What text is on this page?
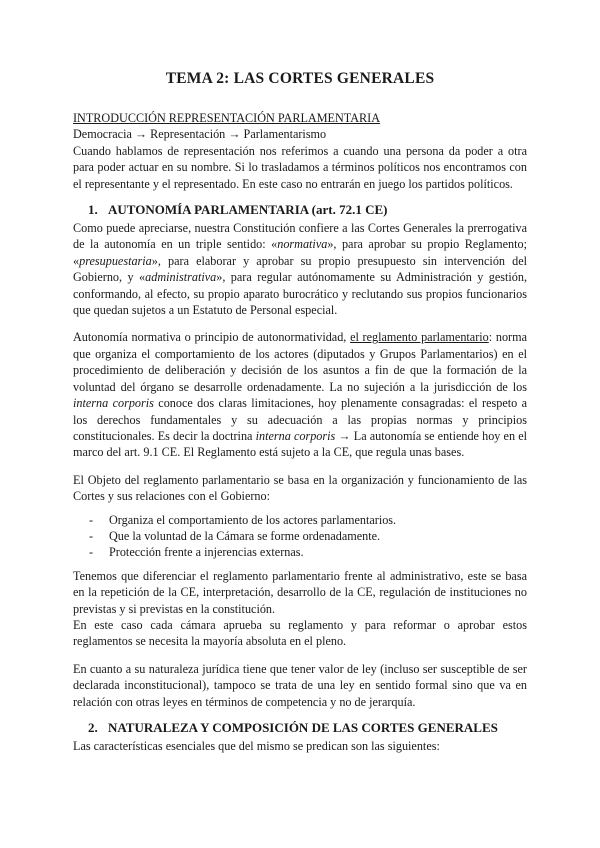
TEMA 2: LAS CORTES GENERALES
INTRODUCCIÓN REPRESENTACIÓN PARLAMENTARIA
Democracia → Representación → Parlamentarismo

Cuando hablamos de representación nos referimos a cuando una persona da poder a otra para poder actuar en su nombre. Si lo trasladamos a términos políticos nos encontramos con el representante y el representado. En este caso no entrarán en juego los partidos políticos.

1. AUTONOMÍA PARLAMENTARIA (art. 72.1 CE)

Como puede apreciarse, nuestra Constitución confiere a las Cortes Generales la prerrogativa de la autonomía en un triple sentido: «normativa», para aprobar su propio Reglamento; «presupuestaria», para elaborar y aprobar su propio presupuesto sin intervención del Gobierno, y «administrativa», para regular autónomamente su Administración y gestión, conformando, al efecto, su propio aparato burocrático y reclutando sus propios funcionarios que quedan sujetos a un Estatuto de Personal especial.

Autonomía normativa o principio de autonormatividad, el reglamento parlamentario: norma que organiza el comportamiento de los actores (diputados y Grupos Parlamentarios) en el procedimiento de deliberación y decisión de los asuntos a fin de que la formación de la voluntad del órgano se desarrolle ordenadamente. La no sujeción a la jurisdicción de los interna corporis conoce dos claras limitaciones, hoy plenamente consagradas: el respeto a los derechos fundamentales y su adecuación a las propias normas y principios constitucionales. Es decir la doctrina interna corporis → La autonomía se entiende hoy en el marco del art. 9.1 CE. El Reglamento está sujeto a la CE, que regula unas bases.

El Objeto del reglamento parlamentario se basa en la organización y funcionamiento de las Cortes y sus relaciones con el Gobierno:

- Organiza el comportamiento de los actores parlamentarios.
- Que la voluntad de la Cámara se forme ordenadamente.
- Protección frente a injerencias externas.

Tenemos que diferenciar el reglamento parlamentario frente al administrativo, este se basa en la repetición de la CE, interpretación, desarrollo de la CE, regulación de instituciones no previstas y si previstas en la constitución.

En este caso cada cámara aprueba su reglamento y para reformar o aprobar estos reglamentos se necesita la mayoría absoluta en el pleno.

En cuanto a su naturaleza jurídica tiene que tener valor de ley (incluso ser susceptible de ser declarada inconstitucional), tampoco se trata de una ley en sentido formal sino que va en relación con otras leyes en términos de competencia y no de jerarquía.

2. NATURALEZA Y COMPOSICIÓN DE LAS CORTES GENERALES

Las características esenciales que del mismo se predican son las siguientes:
